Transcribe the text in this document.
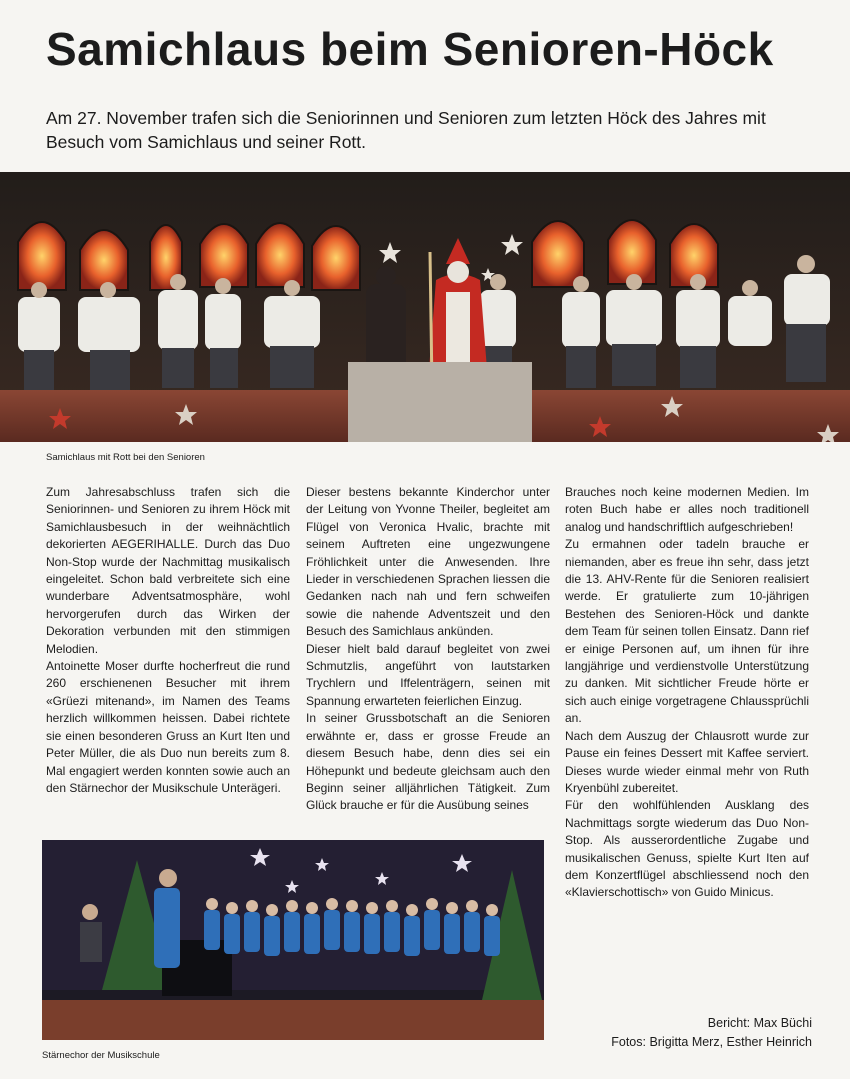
Samichlaus beim Senioren-Höck

Am 27. November trafen sich die Seniorinnen und Senioren zum letzten Höck des Jahres mit Besuch vom Samichlaus und seiner Rott.

Samichlaus mit Rott bei den Senioren

Zum Jahresabschluss trafen sich die Seniorinnen- und Senioren zu ihrem Höck mit Samichlausbesuch in der weihnächtlich dekorierten AEGERIHALLE. Durch das Duo Non-Stop wurde der Nachmittag musikalisch eingeleitet. Schon bald verbreitete sich eine wunderbare Adventsatmosphäre, wohl hervorgerufen durch das Wirken der Dekoration verbunden mit den stimmigen Melodien.

Antoinette Moser durfte hocherfreut die rund 260 erschienenen Besucher mit ihrem «Grüezi mitenand», im Namen des Teams herzlich willkommen heissen. Dabei richtete sie einen besonderen Gruss an Kurt Iten und Peter Müller, die als Duo nun bereits zum 8. Mal engagiert werden konnten sowie auch an den Stärnechor der Musikschule Unterägeri.

Dieser bestens bekannte Kinderchor unter der Leitung von Yvonne Theiler, begleitet am Flügel von Veronica Hvalic, brachte mit seinem Auftreten eine ungezwungene Fröhlichkeit unter die Anwesenden. Ihre Lieder in verschiedenen Sprachen liessen die Gedanken nach nah und fern schweifen sowie die nahende Adventszeit und den Besuch des Samichlaus ankünden.

Dieser hielt bald darauf begleitet von zwei Schmutzlis, angeführt von lautstarken Trychlern und Iffelenträgern, seinen mit Spannung erwarteten feierlichen Einzug.

In seiner Grussbotschaft an die Senioren erwähnte er, dass er grosse Freude an diesem Besuch habe, denn dies sei ein Höhepunkt und bedeute gleichsam auch den Beginn seiner alljährlichen Tätigkeit. Zum Glück brauche er für die Ausübung seines

Brauches noch keine modernen Medien. Im roten Buch habe er alles noch traditionell analog und handschriftlich aufgeschrieben!

Zu ermahnen oder tadeln brauche er niemanden, aber es freue ihn sehr, dass jetzt die 13. AHV-Rente für die Senioren realisiert werde. Er gratulierte zum 10-jährigen Bestehen des Senioren-Höck und dankte dem Team für seinen tollen Einsatz. Dann rief er einige Personen auf, um ihnen für ihre langjährige und verdienstvolle Unterstützung zu danken. Mit sichtlicher Freude hörte er sich auch einige vorgetragene Chlaussprüchli an.

Nach dem Auszug der Chlausrott wurde zur Pause ein feines Dessert mit Kaffee serviert. Dieses wurde wieder einmal mehr von Ruth Kryenbühl zubereitet.

Für den wohlfühlenden Ausklang des Nachmittags sorgte wiederum das Duo Non-Stop. Als ausserordentliche Zugabe und musikalischen Genuss, spielte Kurt Iten auf dem Konzertflügel abschliessend noch den «Klavierschottisch» von Guido Minicus.

Stärnechor der Musikschule

Bericht: Max Büchi

Fotos: Brigitta Merz, Esther Heinrich
